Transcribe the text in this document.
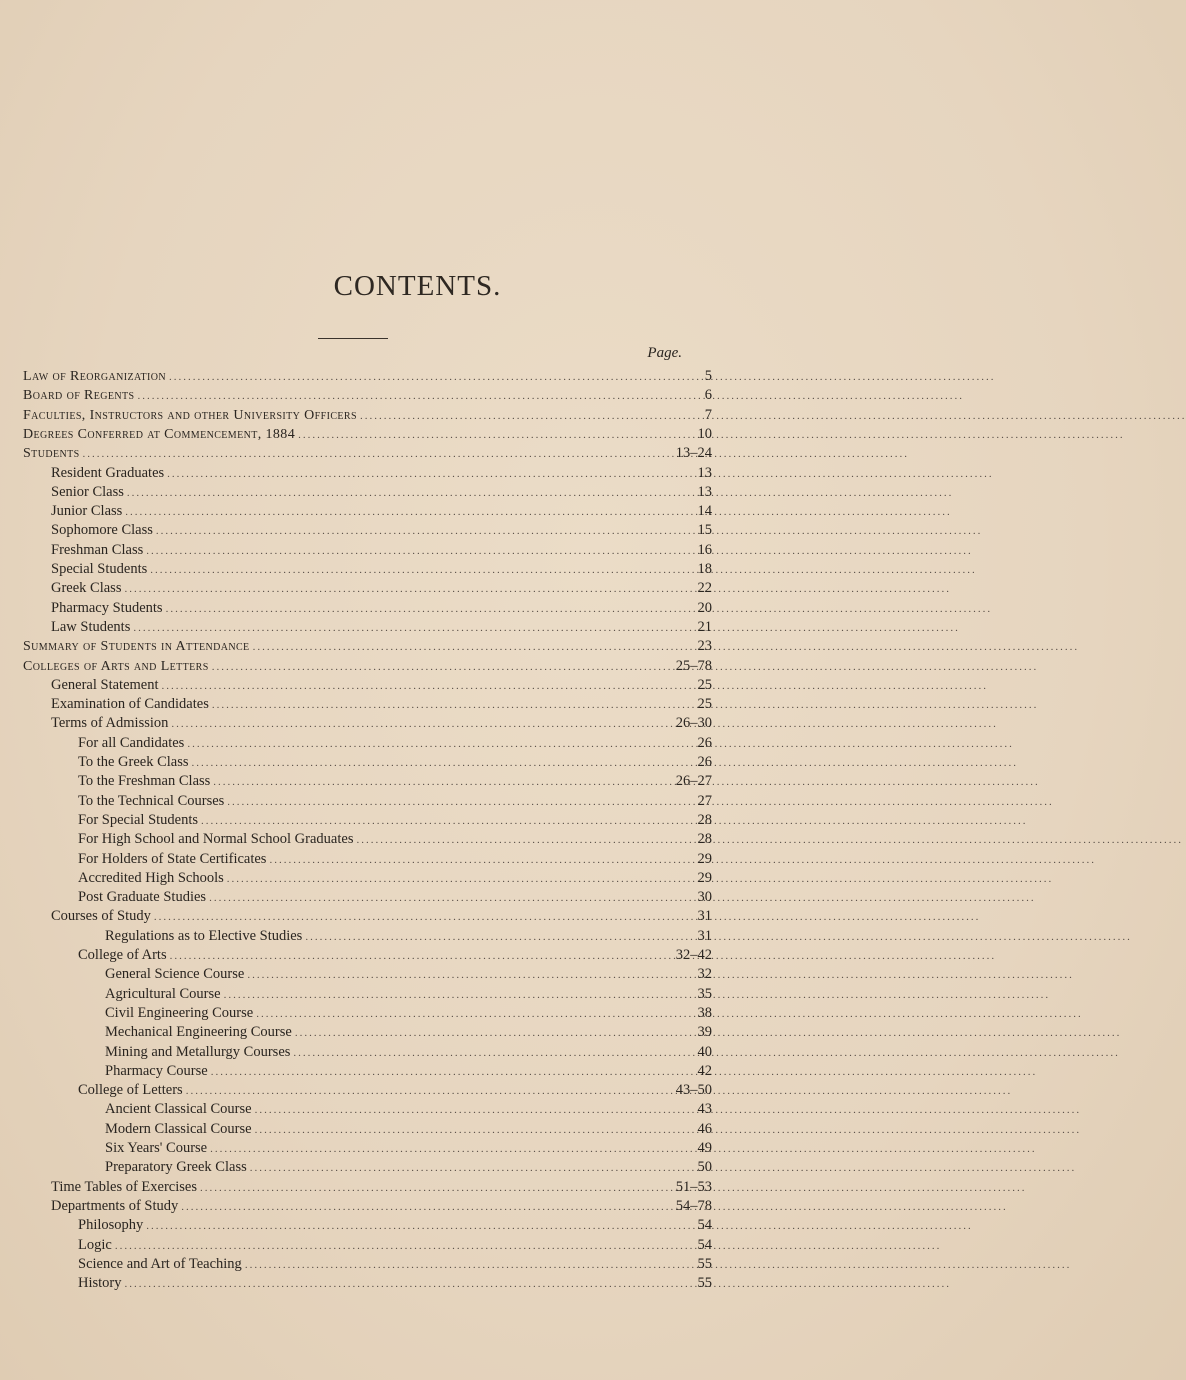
CONTENTS.
Page.
Law of Reorganization .....	5
Board of Regents .....	6
Faculties, Instructors and other University Officers .....	7
Degrees Conferred at Commencement, 1884 .....	10
Students .....	13–24
Resident Graduates .....	13
Senior Class .....	13
Junior Class .....	14
Sophomore Class .....	15
Freshman Class .....	16
Special Students .....	18
Greek Class .....	22
Pharmacy Students .....	20
Law Students .....	21
Summary of Students in Attendance .....	23
Colleges of Arts and Letters .....	25–78
General Statement .....	25
Examination of Candidates .....	25
Terms of Admission .....	26–30
For all Candidates .....	26
To the Greek Class .....	26
To the Freshman Class .....	26–27
To the Technical Courses .....	27
For Special Students .....	28
For High School and Normal School Graduates .....	28
For Holders of State Certificates .....	29
Accredited High Schools .....	29
Post Graduate Studies .....	30
Courses of Study .....	31
Regulations as to Elective Studies .....	31
College of Arts .....	32–42
General Science Course .....	32
Agricultural Course .....	35
Civil Engineering Course .....	38
Mechanical Engineering Course .....	39
Mining and Metallurgy Courses .....	40
Pharmacy Course .....	42
College of Letters .....	43–50
Ancient Classical Course .....	43
Modern Classical Course .....	46
Six Years' Course .....	49
Preparatory Greek Class .....	50
Time Tables of Exercises .....	51–53
Departments of Study .....	54–78
Philosophy .....	54
Logic .....	54
Science and Art of Teaching .....	55
History .....	55
